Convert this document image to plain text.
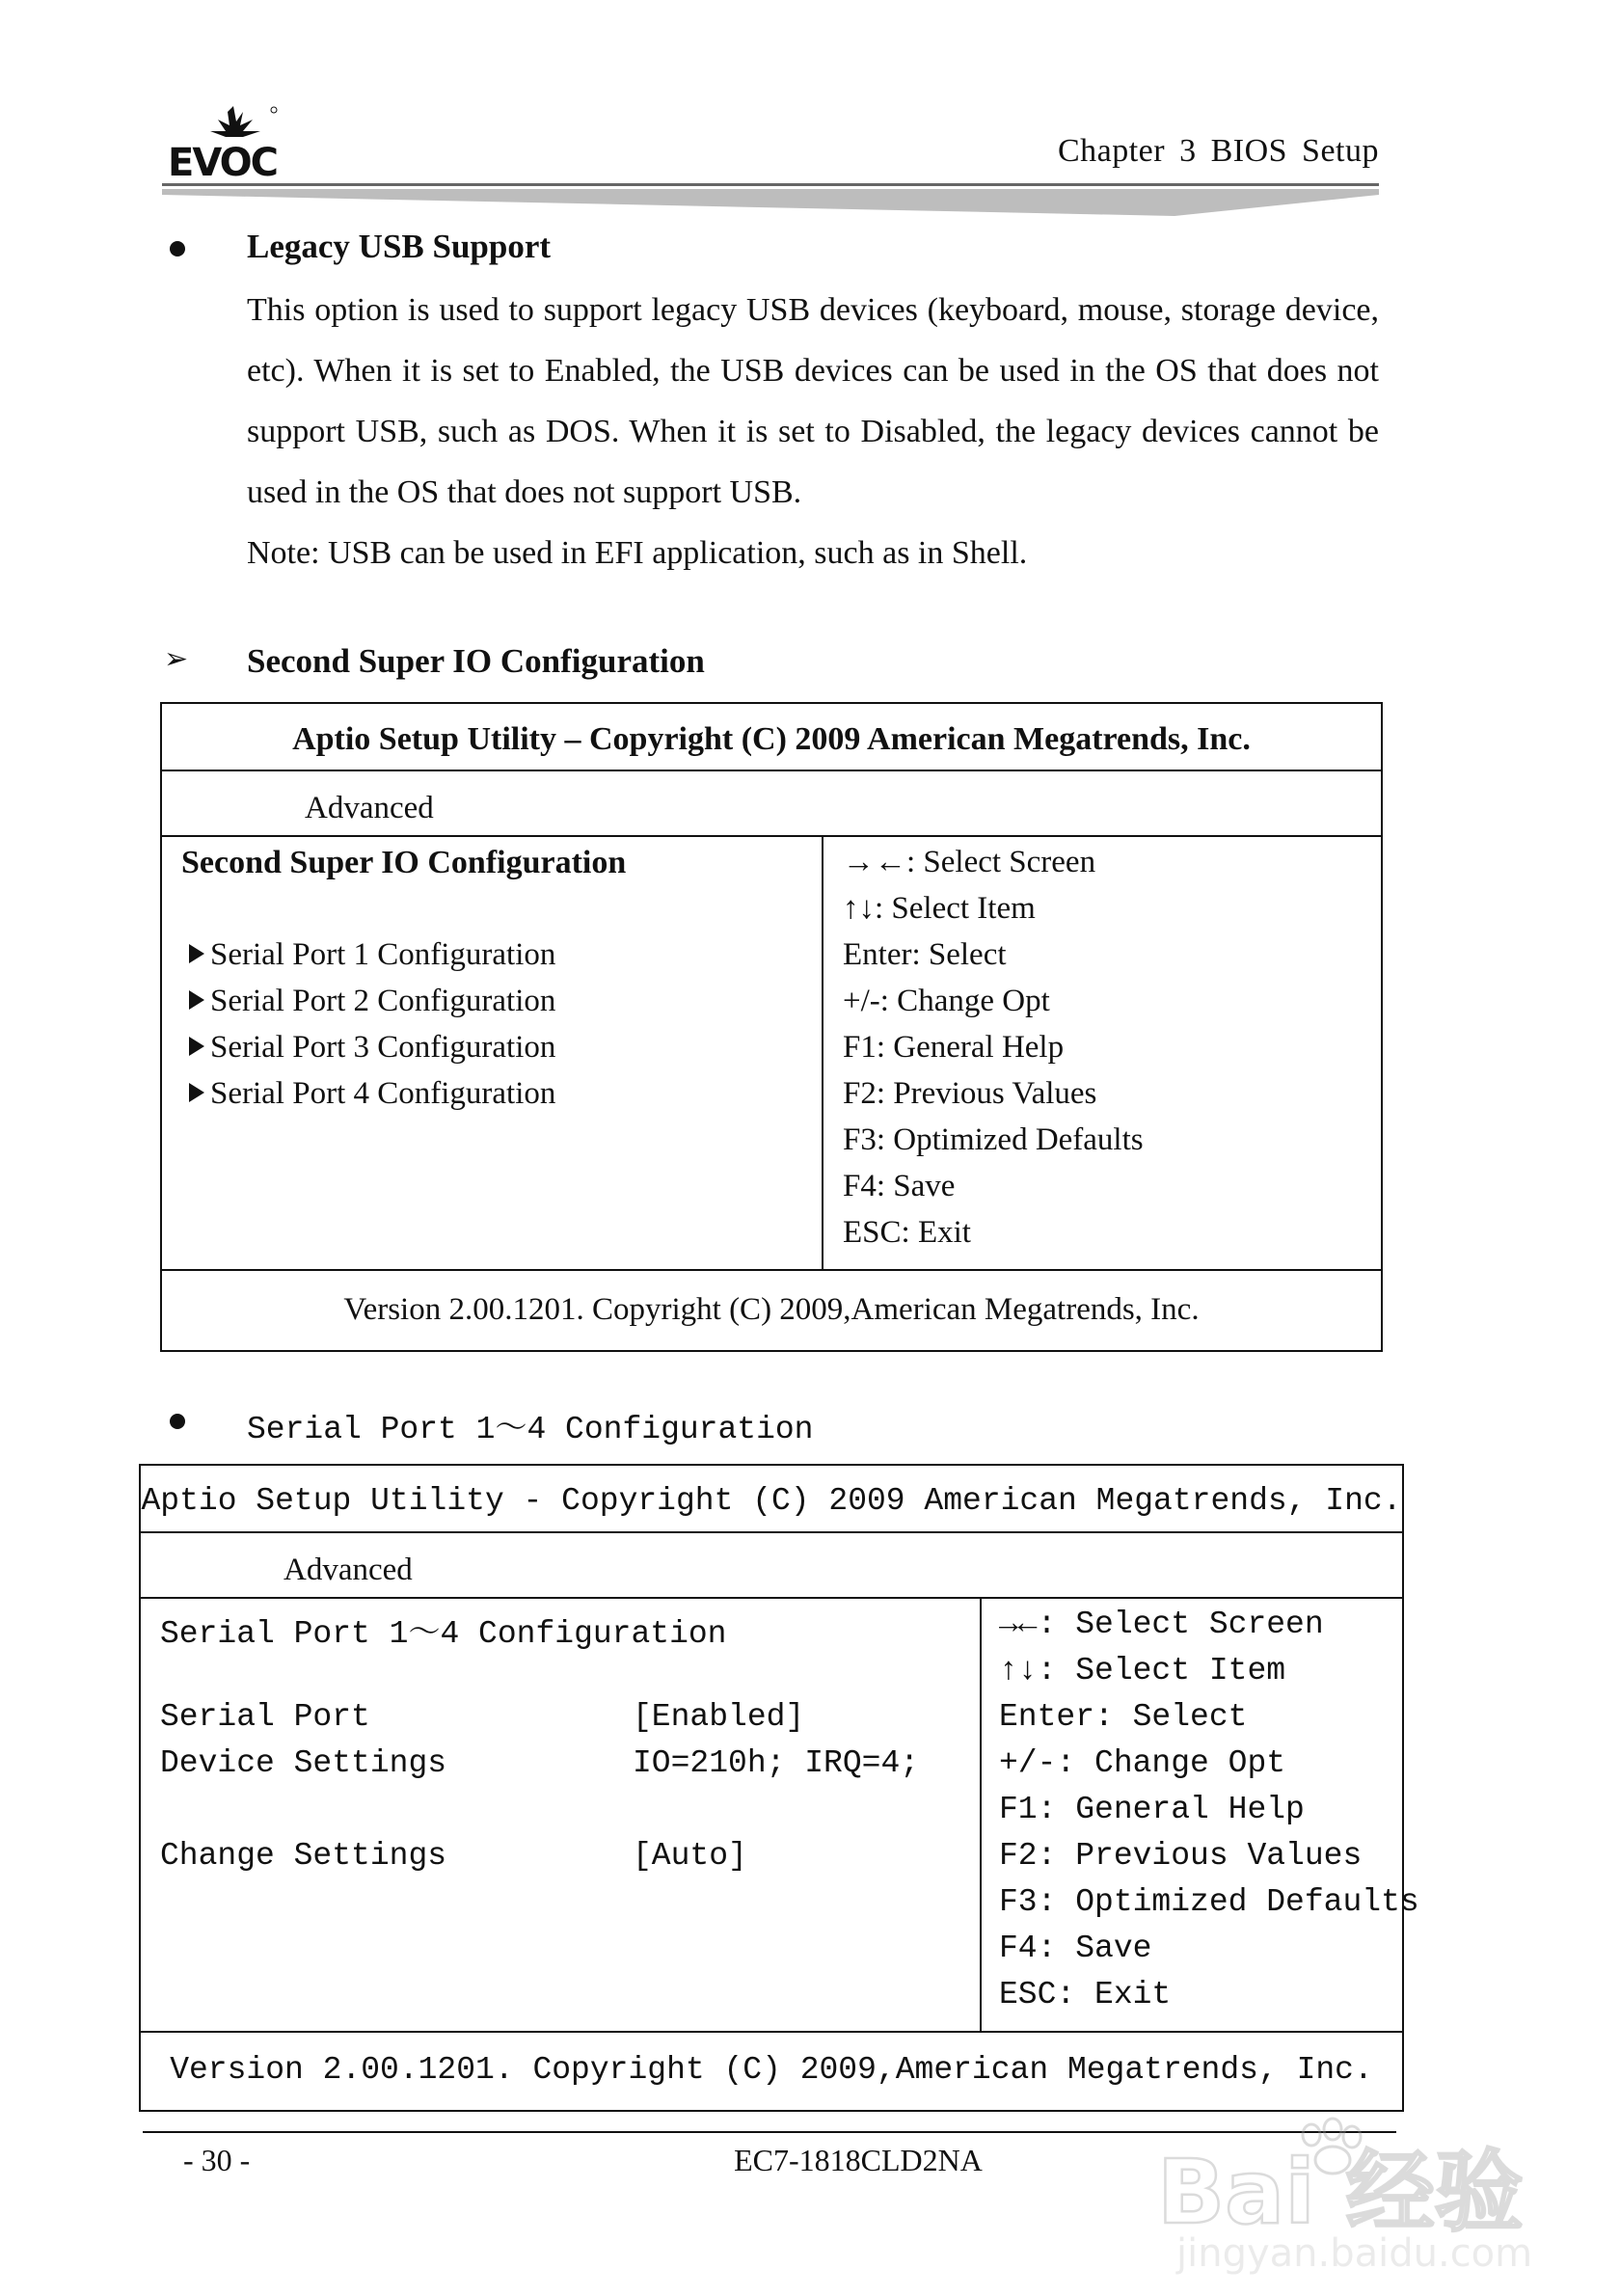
EVOC	Chapter 3 BIOS Setup
Legacy USB Support
This option is used to support legacy USB devices (keyboard, mouse, storage device, etc). When it is set to Enabled, the USB devices can be used in the OS that does not support USB, such as DOS. When it is set to Disabled, the legacy devices cannot be used in the OS that does not support USB.
Note: USB can be used in EFI application, such as in Shell.
➢ Second Super IO Configuration
Aptio Setup Utility – Copyright (C) 2009 American Megatrends, Inc.
Advanced
Second Super IO Configuration
Serial Port 1 Configuration
Serial Port 2 Configuration
Serial Port 3 Configuration
Serial Port 4 Configuration
→←: Select Screen
↑↓: Select Item
Enter: Select
+/-: Change Opt
F1: General Help
F2: Previous Values
F3: Optimized Defaults
F4: Save
ESC: Exit
Version 2.00.1201. Copyright (C) 2009,American Megatrends, Inc.
Serial Port 1～4 Configuration
Aptio Setup Utility - Copyright (C) 2009 American Megatrends, Inc.
Advanced
Serial Port 1～4 Configuration
Serial Port	[Enabled]
Device Settings	IO=210h; IRQ=4;
Change Settings	[Auto]
→←: Select Screen
↑↓: Select Item
Enter: Select
+/-: Change Opt
F1: General Help
F2: Previous Values
F3: Optimized Defaults
F4: Save
ESC: Exit
Version 2.00.1201. Copyright (C) 2009,American Megatrends, Inc.
- 30 -	EC7-1818CLD2NA	Bai 经验
jingyan.baidu.com
